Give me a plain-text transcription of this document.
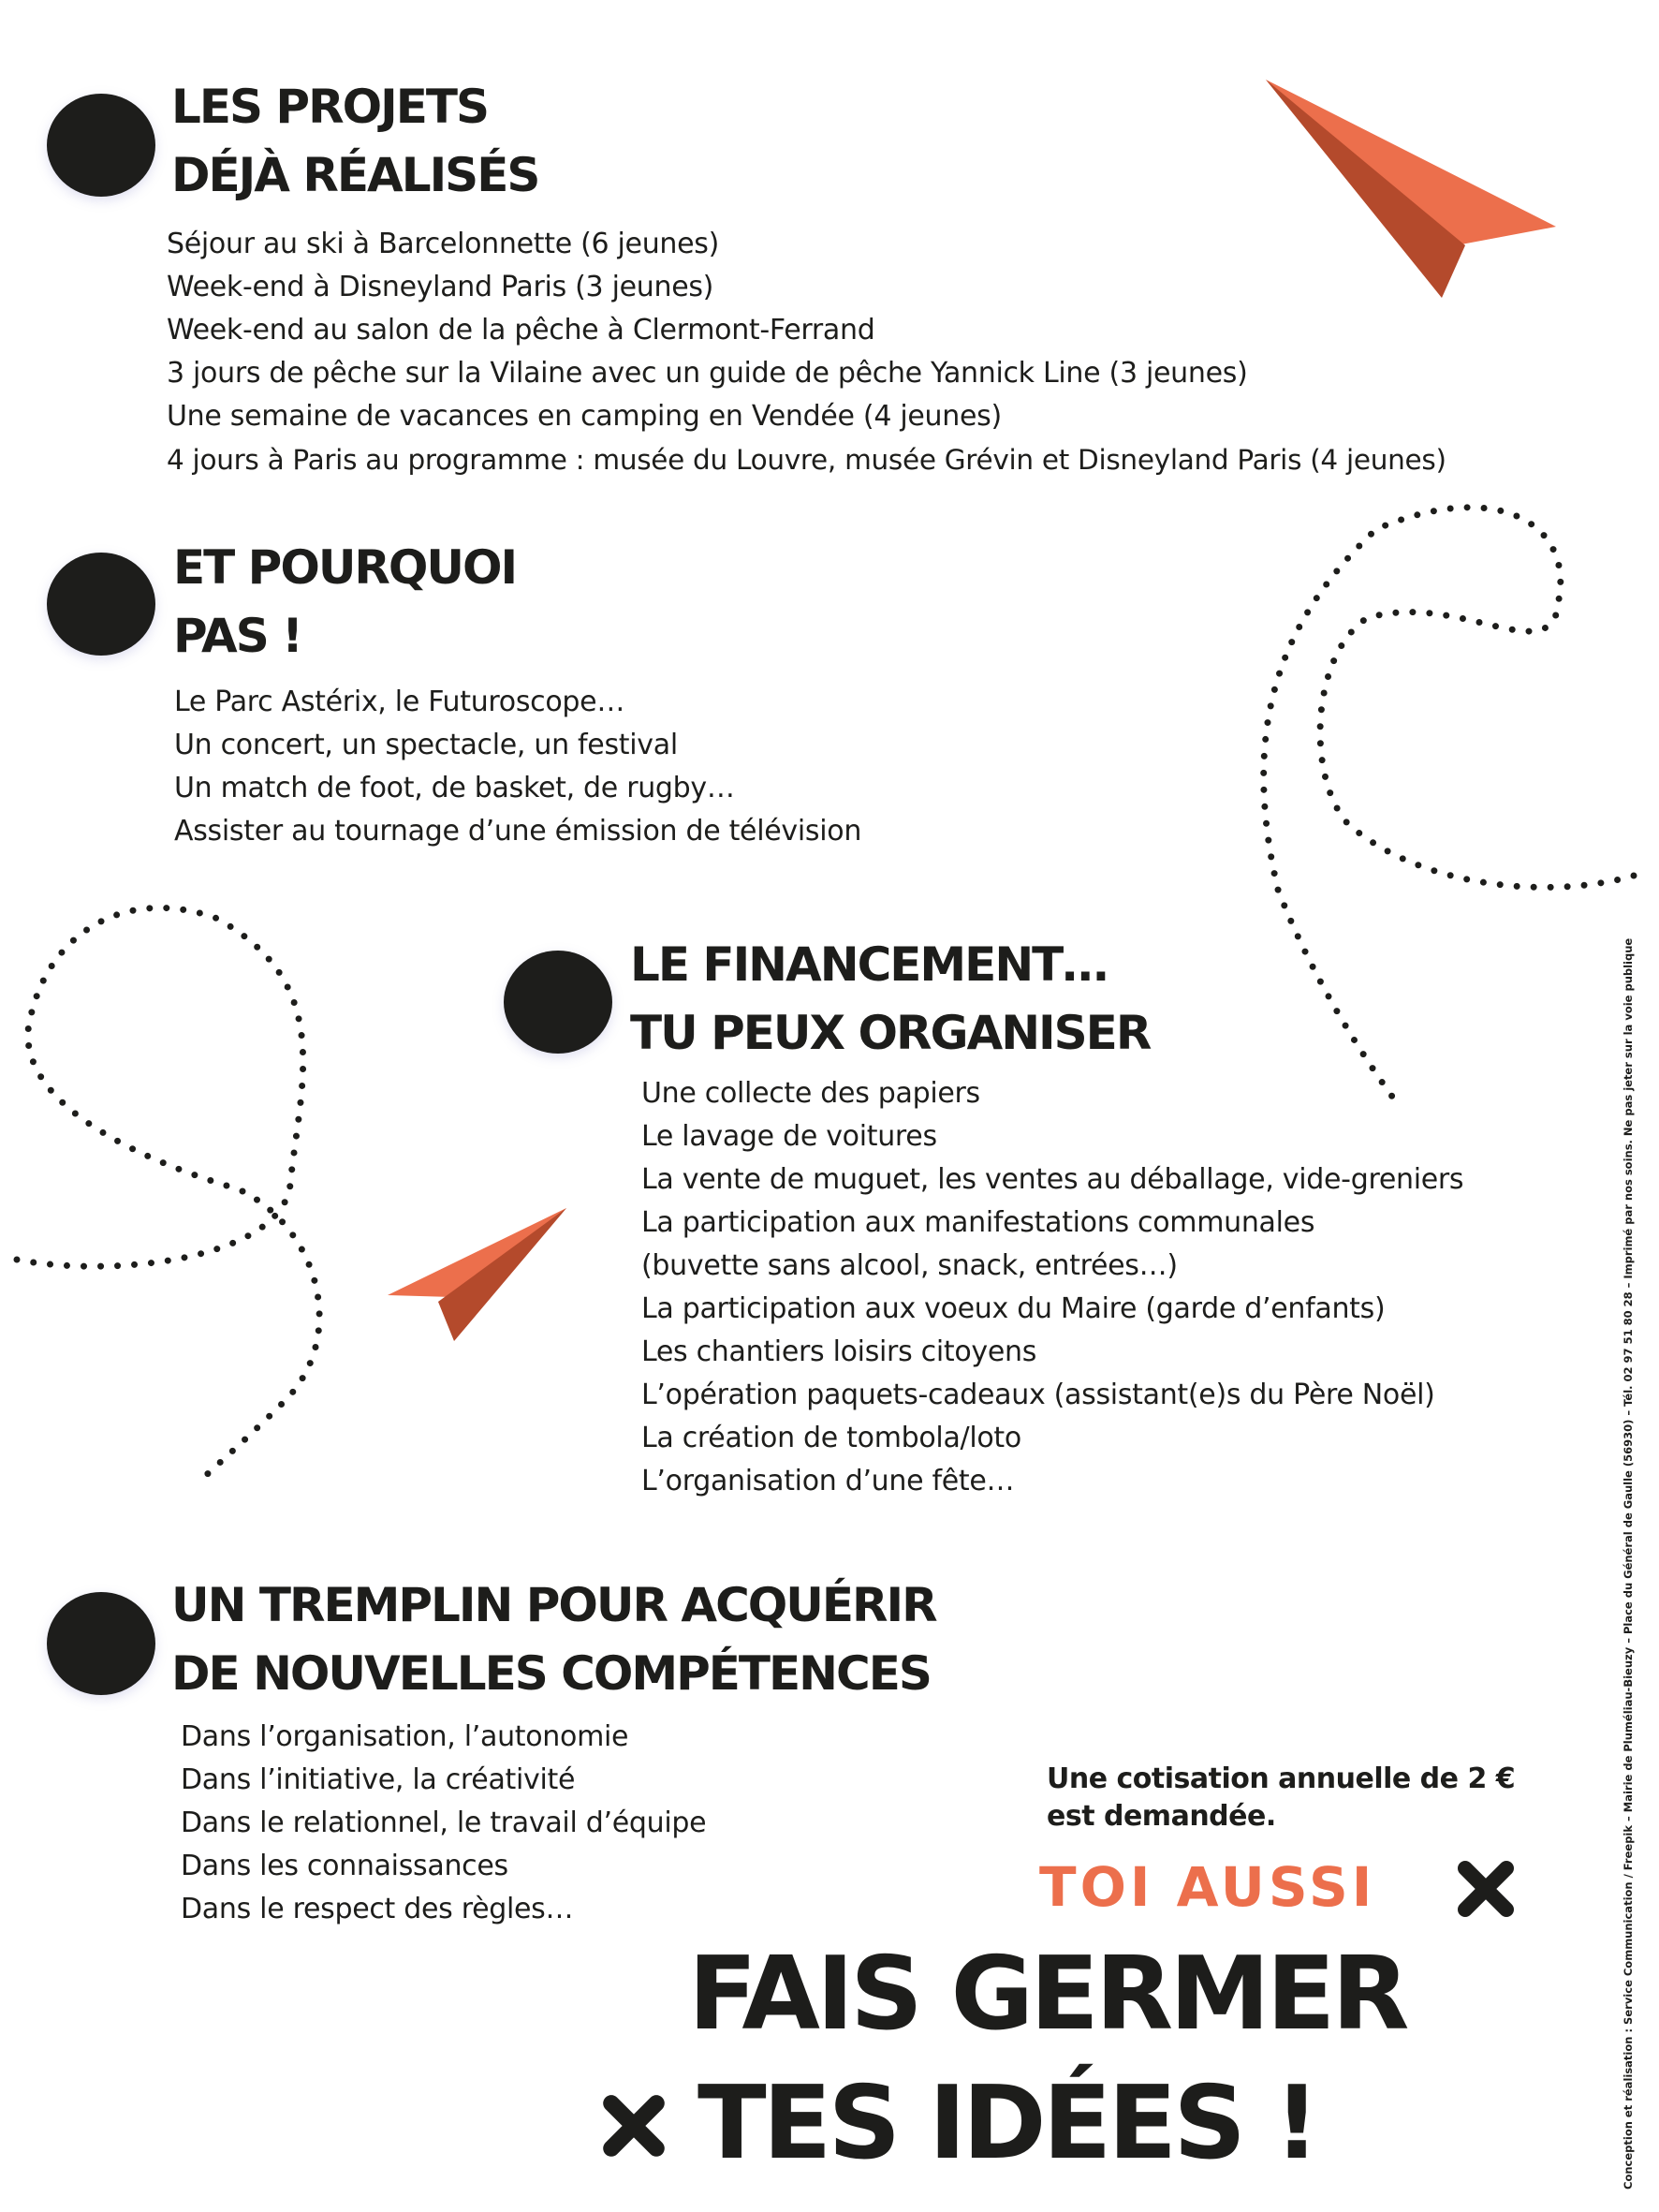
LES PROJETS
DÉJÀ RÉALISÉS
Séjour au ski à Barcelonnette (6 jeunes)
Week-end à Disneyland Paris (3 jeunes)
Week-end au salon de la pêche à Clermont-Ferrand
3 jours de pêche sur la Vilaine avec un guide de pêche Yannick Line (3 jeunes)
Une semaine de vacances en camping en Vendée (4 jeunes)
4 jours à Paris au programme : musée du Louvre, musée Grévin et Disneyland Paris (4 jeunes)
ET POURQUOI
PAS !
Le Parc Astérix, le Futuroscope…
Un concert, un spectacle, un festival
Un match de foot, de basket, de rugby…
Assister au tournage d’une émission de télévision
LE FINANCEMENT…
TU PEUX ORGANISER
Une collecte des papiers
Le lavage de voitures
La vente de muguet, les ventes au déballage, vide-greniers
La participation aux manifestations communales
(buvette sans alcool, snack, entrées…)
La participation aux voeux du Maire (garde d’enfants)
Les chantiers loisirs citoyens
L’opération paquets-cadeaux (assistant(e)s du Père Noël)
La création de tombola/loto
L’organisation d’une fête…
UN TREMPLIN POUR ACQUÉRIR
DE NOUVELLES COMPÉTENCES
Dans l’organisation, l’autonomie
Dans l’initiative, la créativité
Dans le relationnel, le travail d’équipe
Dans les connaissances
Dans le respect des règles…

Une cotisation annuelle de 2 €
est demandée.

TOI AUSSI

FAIS GERMER

TES IDÉES !	Conception et réalisation : Service Communication / Freepik – Mairie de Pluméliau-Bieuzy – Place du Général de Gaulle (56930) – Tél. 02 97 51 80 28 – Imprimé par nos soins. Ne pas jeter sur la voie publique
